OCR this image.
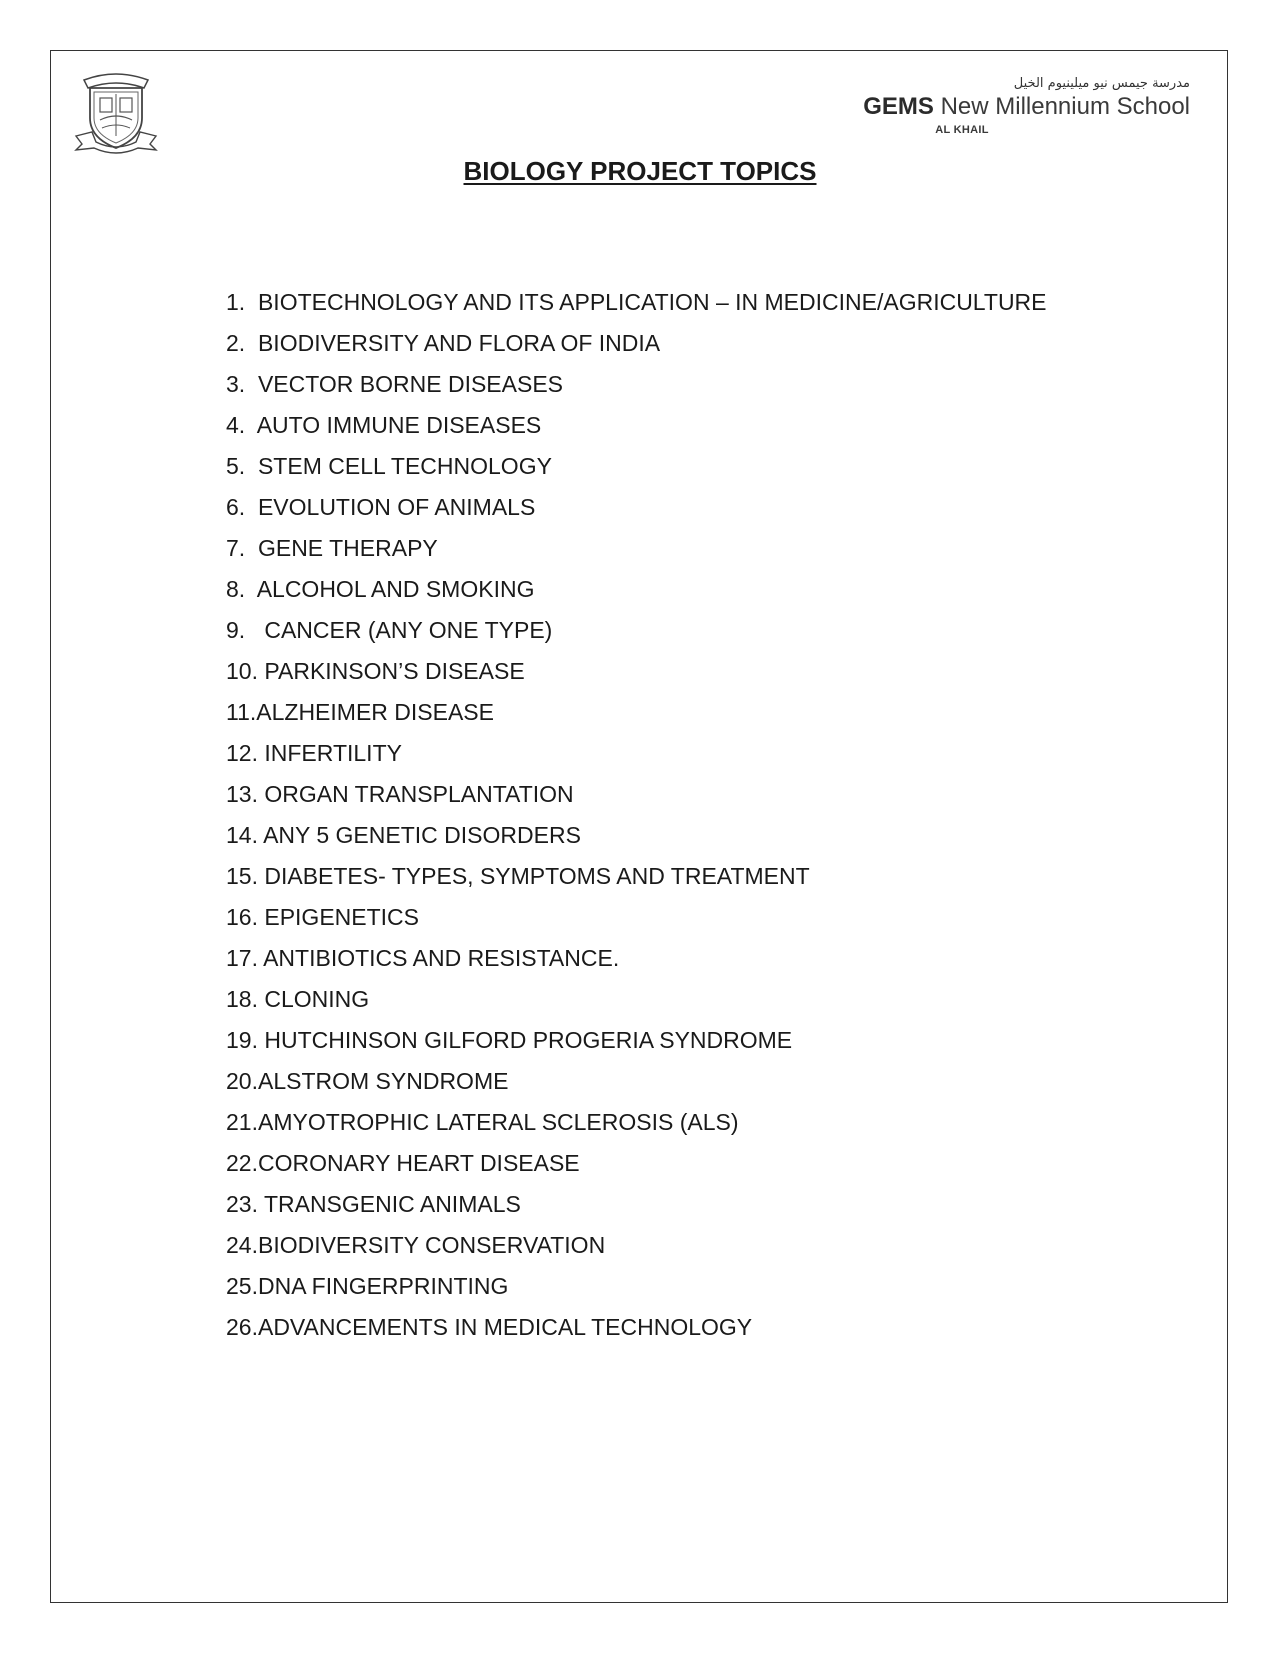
مدرسة جيمس نيو ميلينيوم الخيل
GEMS New Millennium School
AL KHAIL
BIOLOGY PROJECT TOPICS
1.  BIOTECHNOLOGY AND ITS APPLICATION – IN MEDICINE/AGRICULTURE
2.  BIODIVERSITY AND FLORA OF INDIA
3.  VECTOR BORNE DISEASES
4.  AUTO IMMUNE DISEASES
5.  STEM CELL TECHNOLOGY
6.  EVOLUTION OF ANIMALS
7.  GENE THERAPY
8.  ALCOHOL AND SMOKING
9.   CANCER (ANY ONE TYPE)
10. PARKINSON’S DISEASE
11.ALZHEIMER DISEASE
12. INFERTILITY
13. ORGAN TRANSPLANTATION
14. ANY 5 GENETIC DISORDERS
15. DIABETES- TYPES, SYMPTOMS AND TREATMENT
16. EPIGENETICS
17. ANTIBIOTICS AND RESISTANCE.
18. CLONING
19. HUTCHINSON GILFORD PROGERIA SYNDROME
20.ALSTROM SYNDROME
21.AMYOTROPHIC LATERAL SCLEROSIS (ALS)
22.CORONARY HEART DISEASE
23. TRANSGENIC ANIMALS
24.BIODIVERSITY CONSERVATION
25.DNA FINGERPRINTING
26.ADVANCEMENTS IN MEDICAL TECHNOLOGY
